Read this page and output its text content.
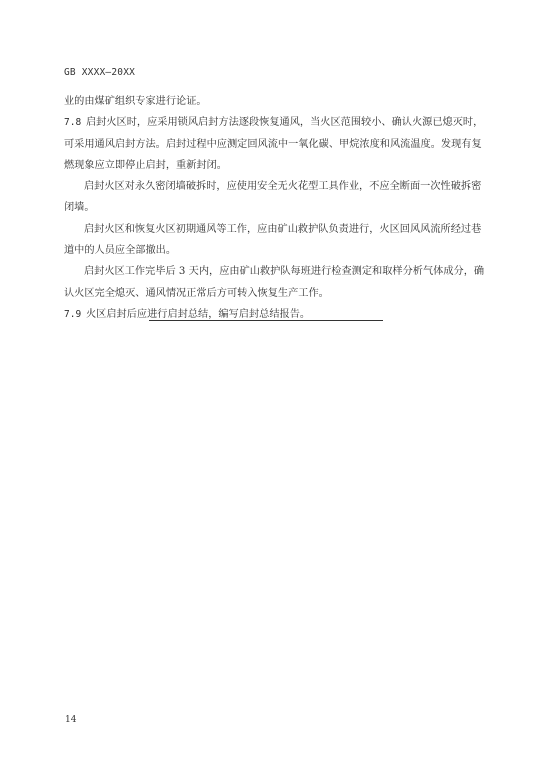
GB XXXX—20XX

业的由煤矿组织专家进行论证。

7.8 启封火区时，应采用锁风启封方法逐段恢复通风，当火区范围较小、确认火源已熄灭时，可采用通风启封方法。启封过程中应测定回风流中一氧化碳、甲烷浓度和风流温度。发现有复燃现象应立即停止启封，重新封闭。

启封火区对永久密闭墙破拆时，应使用安全无火花型工具作业，不应全断面一次性破拆密闭墙。

启封火区和恢复火区初期通风等工作，应由矿山救护队负责进行，火区回风风流所经过巷道中的人员应全部撤出。

启封火区工作完毕后 3 天内，应由矿山救护队每班进行检查测定和取样分析气体成分，确认火区完全熄灭、通风情况正常后方可转入恢复生产工作。

7.9 火区启封后应进行启封总结，编写启封总结报告。

14
